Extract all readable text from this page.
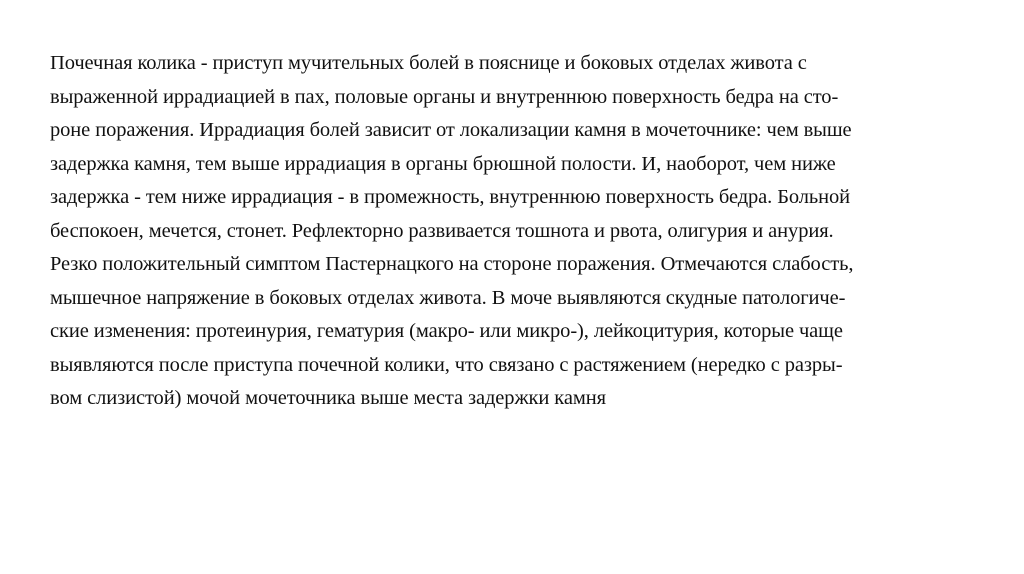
Почечная колика - приступ мучительных болей в пояснице и боковых отделах живота с
выраженной иррадиацией в пах, половые органы и внутреннюю поверхность бедра на сто-
роне поражения. Иррадиация болей зависит от локализации камня в мочеточнике: чем выше
задержка камня, тем выше иррадиация в органы брюшной полости. И, наоборот, чем ниже
задержка - тем ниже иррадиация - в промежность, внутреннюю поверхность бедра. Больной
беспокоен, мечется, стонет. Рефлекторно развивается тошнота и рвота, олигурия и анурия.
Резко положительный симптом Пастернацкого на стороне поражения. Отмечаются слабость,
мышечное напряжение в боковых отделах живота. В моче выявляются скудные патологиче-
ские изменения: протеинурия, гематурия (макро- или микро-), лейкоцитурия, которые чаще
выявляются после приступа почечной колики, что связано с растяжением (нередко с разры-
вом слизистой) мочой мочеточника выше места задержки камня
